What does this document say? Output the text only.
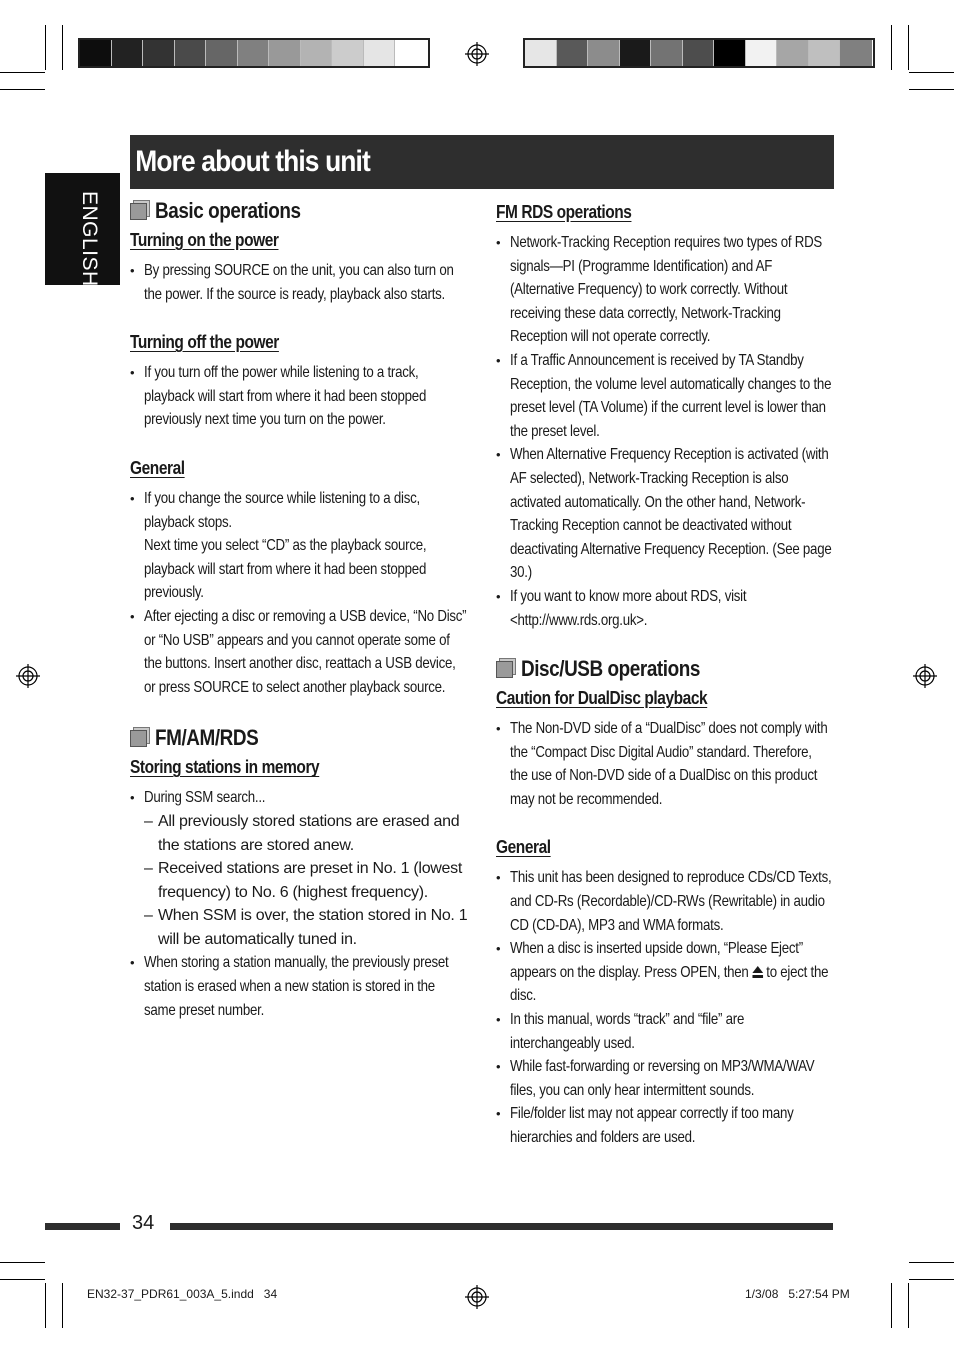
More about this unit
ENGLISH Basic operations
Turning on the power
• By pressing SOURCE on the unit, you can also turn on the power. If the source is ready, playback also starts.
Turning off the power
• If you turn off the power while listening to a track, playback will start from where it had been stopped previously next time you turn on the power.
General
• If you change the source while listening to a disc, playback stops.
Next time you select “CD” as the playback source, playback will start from where it had been stopped previously.
• After ejecting a disc or removing a USB device, “No Disc” or “No USB” appears and you cannot operate some of the buttons. Insert another disc, reattach a USB device, or press SOURCE to select another playback source.
FM/AM/RDS
Storing stations in memory
• During SSM search...
– All previously stored stations are erased and the stations are stored anew.
– Received stations are preset in No. 1 (lowest frequency) to No. 6 (highest frequency).
– When SSM is over, the station stored in No. 1 will be automatically tuned in.
• When storing a station manually, the previously preset station is erased when a new station is stored in the same preset number.
FM RDS operations
• Network-Tracking Reception requires two types of RDS signals—PI (Programme Identification) and AF (Alternative Frequency) to work correctly. Without receiving these data correctly, Network-Tracking Reception will not operate correctly.
• If a Traffic Announcement is received by TA Standby Reception, the volume level automatically changes to the preset level (TA Volume) if the current level is lower than the preset level.
• When Alternative Frequency Reception is activated (with AF selected), Network-Tracking Reception is also activated automatically. On the other hand, Network-Tracking Reception cannot be deactivated without deactivating Alternative Frequency Reception. (See page 30.)
• If you want to know more about RDS, visit <http://www.rds.org.uk>.
Disc/USB operations
Caution for DualDisc playback
• The Non-DVD side of a “DualDisc” does not comply with the “Compact Disc Digital Audio” standard. Therefore, the use of Non-DVD side of a DualDisc on this product may not be recommended.
General
• This unit has been designed to reproduce CDs/CD Texts, and CD-Rs (Recordable)/CD-RWs (Rewritable) in audio CD (CD-DA), MP3 and WMA formats.
• When a disc is inserted upside down, “Please Eject” appears on the display. Press OPEN, then to eject the disc.
• In this manual, words “track” and “file” are interchangeably used.
• While fast-forwarding or reversing on MP3/WMA/WAV files, you can only hear intermittent sounds.
• File/folder list may not appear correctly if too many hierarchies and folders are used.
34
EN32-37_PDR61_003A_5.indd   34	1/3/08   5:27:54 PM
